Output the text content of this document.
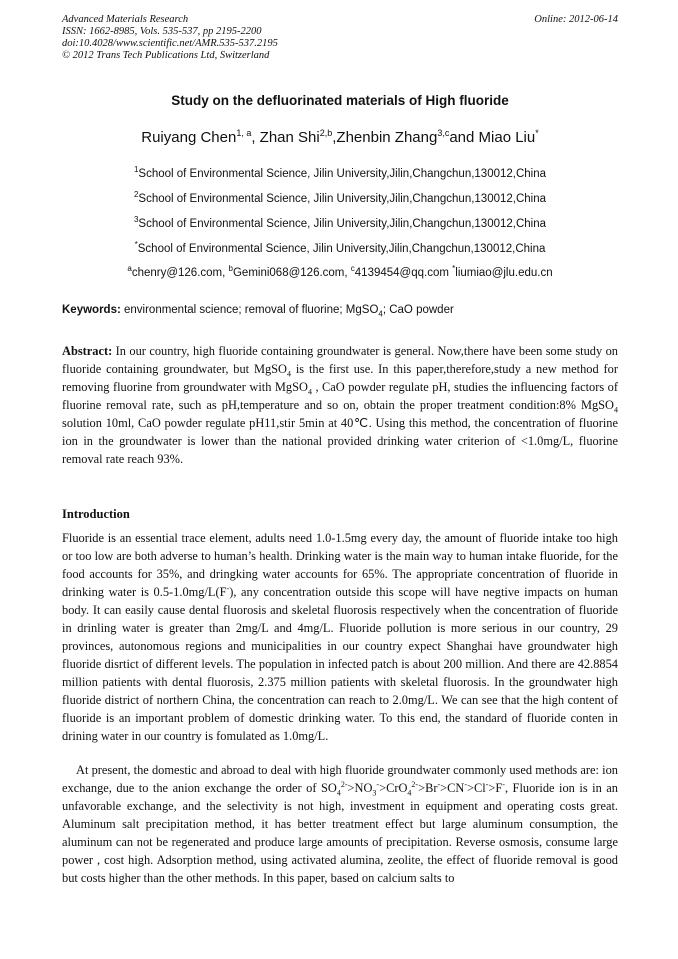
Advanced Materials Research
ISSN: 1662-8985, Vols. 535-537, pp 2195-2200
doi:10.4028/www.scientific.net/AMR.535-537.2195
© 2012 Trans Tech Publications Ltd, Switzerland
Online: 2012-06-14
Study on the defluorinated materials of High fluoride
Ruiyang Chen$^{1, a}$, Zhan Shi$^{2,b}$,Zhenbin Zhang$^{3,c}$and Miao Liu*
$^1$School of Environmental Science, Jilin University,Jilin,Changchun,130012,China
$^2$School of Environmental Science, Jilin University,Jilin,Changchun,130012,China
$^3$School of Environmental Science, Jilin University,Jilin,Changchun,130012,China
*School of Environmental Science, Jilin University,Jilin,Changchun,130012,China
$^a$chenry@126.com, $^b$Gemini068@126.com, $^c$4139454@qq.com *liumiao@jlu.edu.cn
Keywords: environmental science; removal of fluorine; MgSO$_4$; CaO powder
Abstract: In our country, high fluoride containing groundwater is general. Now,there have been some study on fluoride containing groundwater, but MgSO$_4$ is the first use. In this paper,therefore,study a new method for removing fluorine from groundwater with MgSO$_4$ , CaO powder regulate pH, studies the influencing factors of fluorine removal rate, such as pH,temperature and so on, obtain the proper treatment condition:8% MgSO$_4$ solution 10ml, CaO powder regulate pH11,stir 5min at 40℃. Using this method, the concentration of fluorine ion in the groundwater is lower than the national provided drinking water criterion of <1.0mg/L, fluorine removal rate reach 93%.
Introduction
Fluoride is an essential trace element, adults need 1.0-1.5mg every day, the amount of fluoride intake too high or too low are both adverse to human’s health. Drinking water is the main way to human intake fluoride, for the food accounts for 35%, and dringking water accounts for 65%. The appropriate concentration of fluoride in drinking water is 0.5-1.0mg/L(F-), any concentration outside this scope will have negtive impacts on human body. It can easily cause dental fluorosis and skeletal fluorosis respectively when the concentration of fluoride in drinling water is greater than 2mg/L and 4mg/L. Fluoride pollution is more serious in our country, 29 provinces, autonomous regions and municipalities in our country expect Shanghai have groundwater high fluoride disrtict of different levels. The population in infected patch is about 200 million. And there are 42.8854 million patients with dental fluorosis, 2.375 million patients with skeletal fluorosis. In the groundwater high fluoride district of northern China, the concentration can reach to 2.0mg/L. We can see that the high content of fluoride is an important problem of domestic drinking water. To this end, the standard of fluoride conten in drining water in our country is fomulated as 1.0mg/L.
At present, the domestic and abroad to deal with high fluoride groundwater commonly used methods are: ion exchange, due to the anion exchange the order of $SO_4^{2-}>NO_3^->CrO_4^{2-}>Br^->CN^->Cl^->F^-$, Fluoride ion is in an unfavorable exchange, and the selectivity is not high, investment in equipment and operating costs great. Aluminum salt precipitation method, it has better treatment effect but large aluminum consumption, the aluminum can not be regenerated and produce large amounts of precipitation. Reverse osmosis, consume large power , cost high. Adsorption method, using activated alumina, zeolite, the effect of fluoride removal is good but costs higher than the other methods. In this paper, based on calcium salts to
